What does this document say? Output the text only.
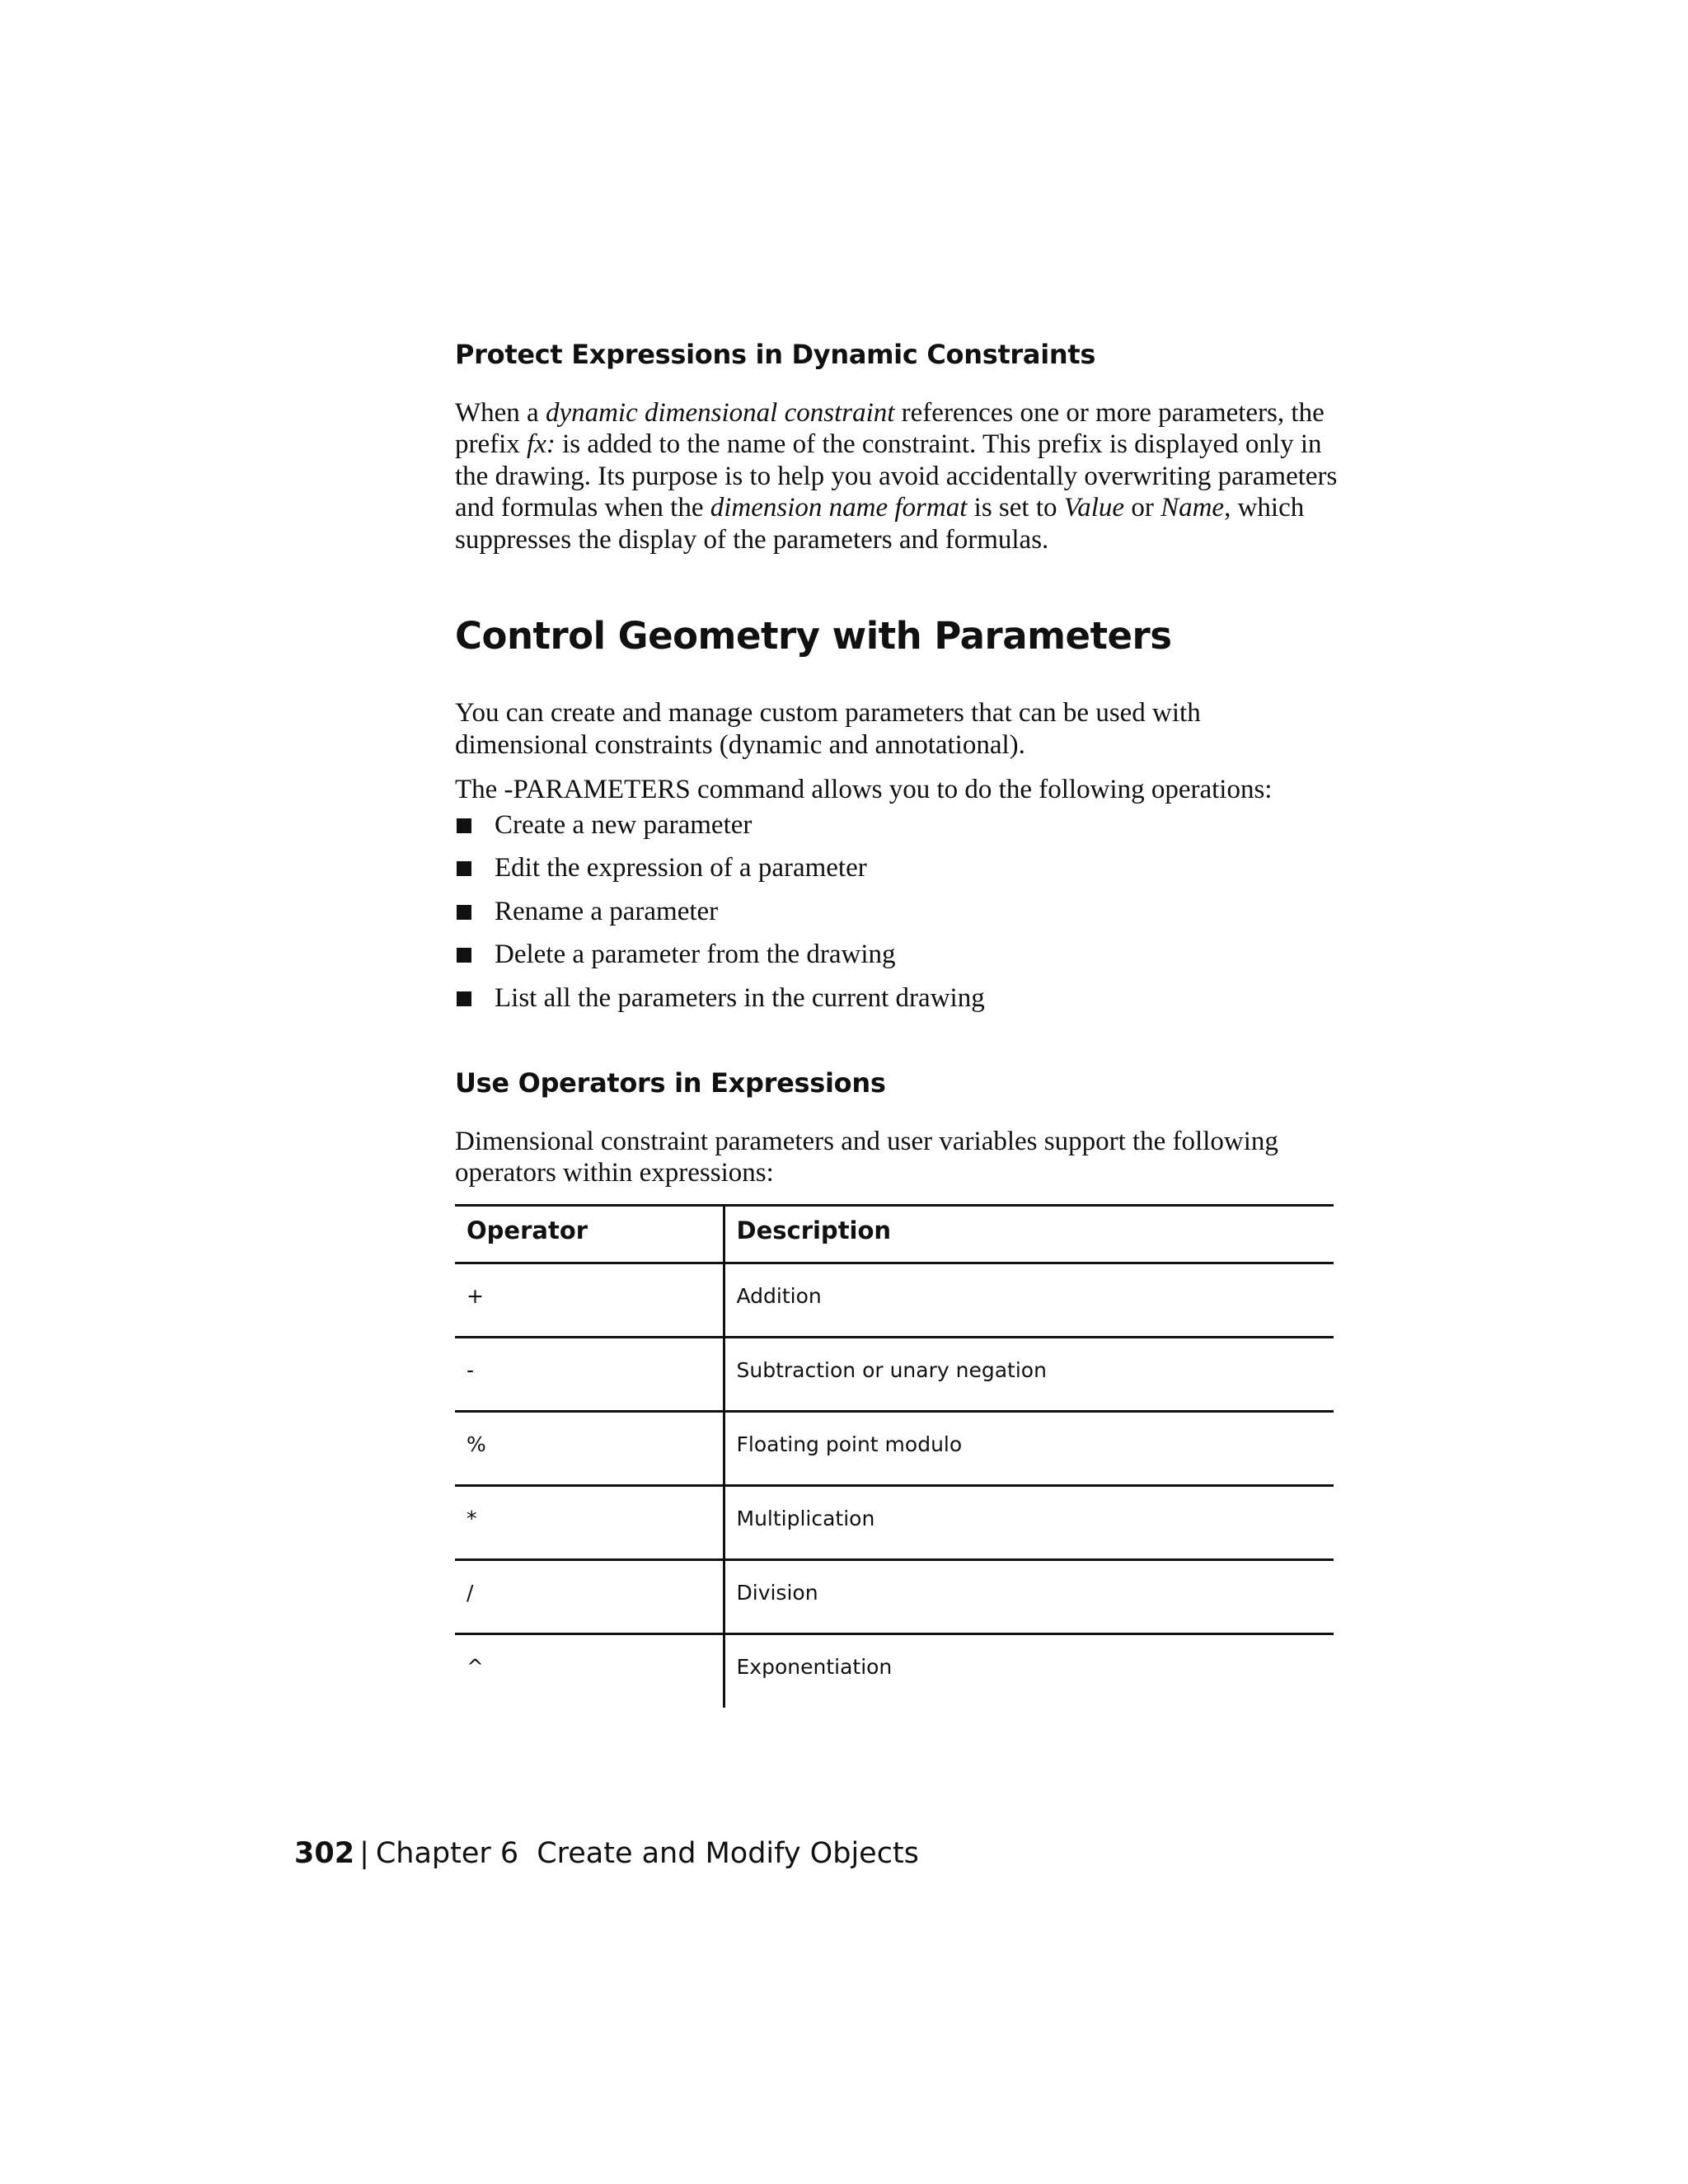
Protect Expressions in Dynamic Constraints

When a dynamic dimensional constraint references one or more parameters, the prefix fx: is added to the name of the constraint. This prefix is displayed only in the drawing. Its purpose is to help you avoid accidentally overwriting parameters and formulas when the dimension name format is set to Value or Name, which suppresses the display of the parameters and formulas.

Control Geometry with Parameters

You can create and manage custom parameters that can be used with dimensional constraints (dynamic and annotational).

The -PARAMETERS command allows you to do the following operations:

Create a new parameter
Edit the expression of a parameter
Rename a parameter
Delete a parameter from the drawing
List all the parameters in the current drawing
Use Operators in Expressions

Dimensional constraint parameters and user variables support the following operators within expressions:

Operator	Description
+	Addition
-	Subtraction or unary negation
%	Floating point modulo
*	Multiplication
/	Division
^	Exponentiation
302 | Chapter 6 Create and Modify Objects
